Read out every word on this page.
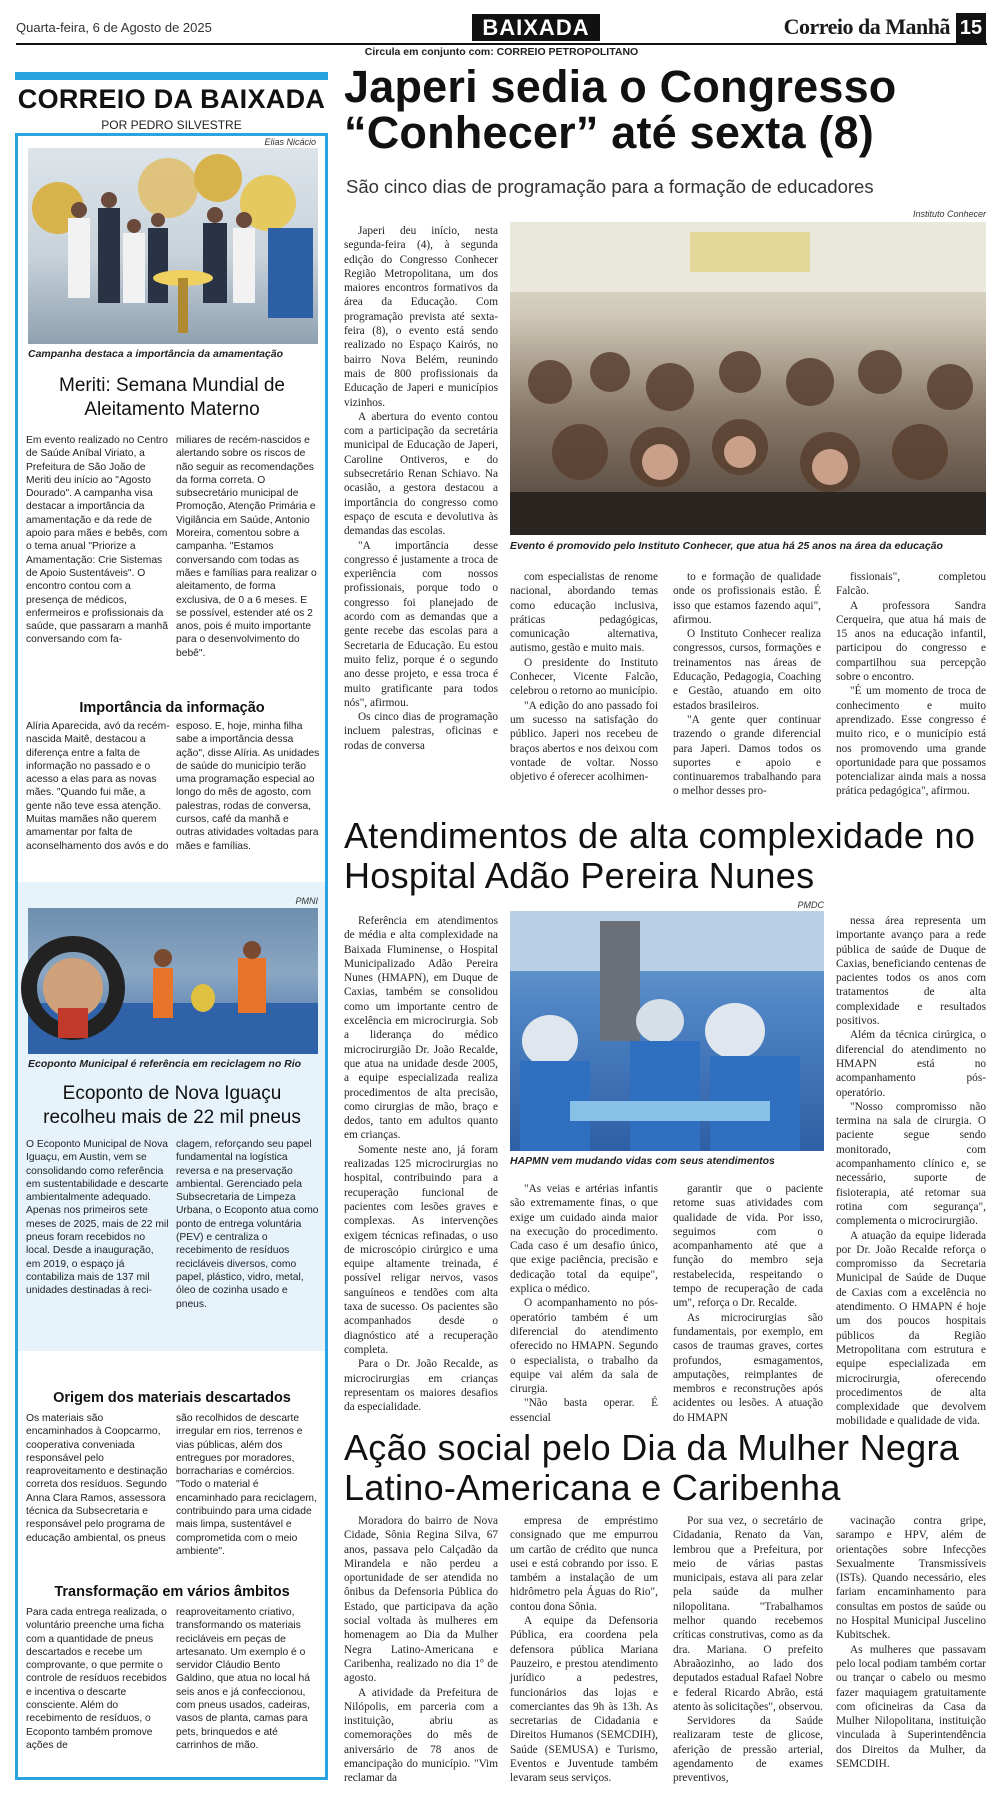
Quarta-feira, 6 de Agosto de 2025	BAIXADA	Correio da Manhã 15
Circula em conjunto com: CORREIO PETROPOLITANO
CORREIO DA BAIXADA
POR PEDRO SILVESTRE
Elias Nicácio
Campanha destaca a importância da amamentação
Meriti: Semana Mundial de Aleitamento Materno
Em evento realizado no Centro de Saúde Aníbal Viriato, a Prefeitura de São João de Meriti deu início ao "Agosto Dourado". A campanha visa destacar a importância da amamentação e da rede de apoio para mães e bebês, com o tema anual "Priorize a Amamentação: Crie Sistemas de Apoio Sustentáveis". O encontro contou com a presença de médicos, enfermeiros e profissionais da saúde, que passaram a manhã conversando com fa-
miliares de recém-nascidos e alertando sobre os riscos de não seguir as recomendações da forma correta. O subsecretário municipal de Promoção, Atenção Primária e Vigilância em Saúde, Antonio Moreira, comentou sobre a campanha. "Estamos conversando com todas as mães e famílias para realizar o aleitamento, de forma exclusiva, de 0 a 6 meses. E se possível, estender até os 2 anos, pois é muito importante para o desenvolvimento do bebê".
Importância da informação
Alíria Aparecida, avó da recém-nascida Maitê, destacou a diferença entre a falta de informação no passado e o acesso a elas para as novas mães. "Quando fui mãe, a gente não teve essa atenção. Muitas mamães não querem amamentar por falta de aconselhamento dos avós e do
esposo. E, hoje, minha filha sabe a importância dessa ação", disse Alíria. As unidades de saúde do município terão uma programação especial ao longo do mês de agosto, com palestras, rodas de conversa, cursos, café da manhã e outras atividades voltadas para mães e famílias.
PMNI
Ecoponto Municipal é referência em reciclagem no Rio
Ecoponto de Nova Iguaçu recolheu mais de 22 mil pneus
O Ecoponto Municipal de Nova Iguaçu, em Austin, vem se consolidando como referência em sustentabilidade e descarte ambientalmente adequado. Apenas nos primeiros sete meses de 2025, mais de 22 mil pneus foram recebidos no local. Desde a inauguração, em 2019, o espaço já contabiliza mais de 137 mil unidades destinadas à reci-
clagem, reforçando seu papel fundamental na logística reversa e na preservação ambiental. Gerenciado pela Subsecretaria de Limpeza Urbana, o Ecoponto atua como ponto de entrega voluntária (PEV) e centraliza o recebimento de resíduos recicláveis diversos, como papel, plástico, vidro, metal, óleo de cozinha usado e pneus.
Origem dos materiais descartados
Os materiais são encaminhados à Coopcarmo, cooperativa conveniada responsável pelo reaproveitamento e destinação correta dos resíduos. Segundo Anna Clara Ramos, assessora técnica da Subsecretaria e responsável pelo programa de educação ambiental, os pneus
são recolhidos de descarte irregular em rios, terrenos e vias públicas, além dos entregues por moradores, borracharias e comércios. "Todo o material é encaminhado para reciclagem, contribuindo para uma cidade mais limpa, sustentável e comprometida com o meio ambiente".
Transformação em vários âmbitos
Para cada entrega realizada, o voluntário preenche uma ficha com a quantidade de pneus descartados e recebe um comprovante, o que permite o controle de resíduos recebidos e incentiva o descarte consciente. Além do recebimento de resíduos, o Ecoponto também promove ações de
reaproveitamento criativo, transformando os materiais recicláveis em peças de artesanato. Um exemplo é o servidor Cláudio Bento Galdino, que atua no local há seis anos e já confeccionou, com pneus usados, cadeiras, vasos de planta, camas para pets, brinquedos e até carrinhos de mão.
Japeri sedia o Congresso “Conhecer” até sexta (8)
São cinco dias de programação para a formação de educadores
Instituto Conhecer
Evento é promovido pelo Instituto Conhecer, que atua há 25 anos na área da educação

Japeri deu início, nesta segunda-feira (4), à segunda edição do Congresso Conhecer Região Metropolitana, um dos maiores encontros formativos da área da Educação. Com programação prevista até sexta-feira (8), o evento está sendo realizado no Espaço Kairós, no bairro Nova Belém, reunindo mais de 800 profissionais da Educação de Japeri e municípios vizinhos.

A abertura do evento contou com a participação da secretária municipal de Educação de Japeri, Caroline Ontiveros, e do subsecretário Renan Schiavo. Na ocasião, a gestora destacou a importância do congresso como espaço de escuta e devolutiva às demandas das escolas.

"A importância desse congresso é justamente a troca de experiência com nossos profissionais, porque todo o congresso foi planejado de acordo com as demandas que a gente recebe das escolas para a Secretaria de Educação. Eu estou muito feliz, porque é o segundo ano desse projeto, e essa troca é muito gratificante para todos nós", afirmou.

Os cinco dias de programação incluem palestras, oficinas e rodas de conversa

com especialistas de renome nacional, abordando temas como educação inclusiva, práticas pedagógicas, comunicação alternativa, autismo, gestão e muito mais.

O presidente do Instituto Conhecer, Vicente Falcão, celebrou o retorno ao município.

"A edição do ano passado foi um sucesso na satisfação do público. Japeri nos recebeu de braços abertos e nos deixou com vontade de voltar. Nosso objetivo é oferecer acolhimen-

to e formação de qualidade onde os profissionais estão. É isso que estamos fazendo aqui", afirmou.

O Instituto Conhecer realiza congressos, cursos, formações e treinamentos nas áreas de Educação, Pedagogia, Coaching e Gestão, atuando em oito estados brasileiros.

"A gente quer continuar trazendo o grande diferencial para Japeri. Damos todos os suportes e apoio e continuaremos trabalhando para o melhor desses pro-

fissionais", completou Falcão.

A professora Sandra Cerqueira, que atua há mais de 15 anos na educação infantil, participou do congresso e compartilhou sua percepção sobre o encontro.

"É um momento de troca de conhecimento e muito aprendizado. Esse congresso é muito rico, e o município está nos promovendo uma grande oportunidade para que possamos potencializar ainda mais a nossa prática pedagógica", afirmou.

Atendimentos de alta complexidade no Hospital Adão Pereira Nunes
PMDC
HAPMN vem mudando vidas com seus atendimentos

Referência em atendimentos de média e alta complexidade na Baixada Fluminense, o Hospital Municipalizado Adão Pereira Nunes (HMAPN), em Duque de Caxias, também se consolidou como um importante centro de excelência em microcirurgia. Sob a liderança do médico microcirurgião Dr. João Recalde, que atua na unidade desde 2005, a equipe especializada realiza procedimentos de alta precisão, como cirurgias de mão, braço e dedos, tanto em adultos quanto em crianças.

Somente neste ano, já foram realizadas 125 microcirurgias no hospital, contribuindo para a recuperação funcional de pacientes com lesões graves e complexas. As intervenções exigem técnicas refinadas, o uso de microscópio cirúrgico e uma equipe altamente treinada, é possível religar nervos, vasos sanguíneos e tendões com alta taxa de sucesso. Os pacientes são acompanhados desde o diagnóstico até a recuperação completa.

Para o Dr. João Recalde, as microcirurgias em crianças representam os maiores desafios da especialidade.

"As veias e artérias infantis são extremamente finas, o que exige um cuidado ainda maior na execução do procedimento. Cada caso é um desafio único, que exige paciência, precisão e dedicação total da equipe", explica o médico.

O acompanhamento no pós-operatório também é um diferencial do atendimento oferecido no HMAPN. Segundo o especialista, o trabalho da equipe vai além da sala de cirurgia.

"Não basta operar. É essencial

garantir que o paciente retome suas atividades com qualidade de vida. Por isso, seguimos com o acompanhamento até que a função do membro seja restabelecida, respeitando o tempo de recuperação de cada um", reforça o Dr. Recalde.

As microcirurgias são fundamentais, por exemplo, em casos de traumas graves, cortes profundos, esmagamentos, amputações, reimplantes de membros e reconstruções após acidentes ou lesões. A atuação do HMAPN

nessa área representa um importante avanço para a rede pública de saúde de Duque de Caxias, beneficiando centenas de pacientes todos os anos com tratamentos de alta complexidade e resultados positivos.

Além da técnica cirúrgica, o diferencial do atendimento no HMAPN está no acompanhamento pós-operatório.

"Nosso compromisso não termina na sala de cirurgia. O paciente segue sendo monitorado, com acompanhamento clínico e, se necessário, suporte de fisioterapia, até retomar sua rotina com segurança", complementa o microcirurgião.

A atuação da equipe liderada por Dr. João Recalde reforça o compromisso da Secretaria Municipal de Saúde de Duque de Caxias com a excelência no atendimento. O HMAPN é hoje um dos poucos hospitais públicos da Região Metropolitana com estrutura e equipe especializada em microcirurgia, oferecendo procedimentos de alta complexidade que devolvem mobilidade e qualidade de vida.

Ação social pelo Dia da Mulher Negra Latino-Americana e Caribenha

Moradora do bairro de Nova Cidade, Sônia Regina Silva, 67 anos, passava pelo Calçadão da Mirandela e não perdeu a oportunidade de ser atendida no ônibus da Defensoria Pública do Estado, que participava da ação social voltada às mulheres em homenagem ao Dia da Mulher Negra Latino-Americana e Caribenha, realizado no dia 1º de agosto.

A atividade da Prefeitura de Nilópolis, em parceria com a instituição, abriu as comemorações do mês de aniversário de 78 anos de emancipação do município. "Vim reclamar da

empresa de empréstimo consignado que me empurrou um cartão de crédito que nunca usei e está cobrando por isso. E também a instalação de um hidrômetro pela Águas do Rio", contou dona Sônia.

A equipe da Defensoria Pública, era coordena pela defensora pública Mariana Pauzeiro, e prestou atendimento jurídico a pedestres, funcionários das lojas e comerciantes das 9h às 13h. As secretarias de Cidadania e Direitos Humanos (SEMCDIH), Saúde (SEMUSA) e Turismo, Eventos e Juventude também levaram seus serviços.

Por sua vez, o secretário de Cidadania, Renato da Van, lembrou que a Prefeitura, por meio de várias pastas municipais, estava ali para zelar pela saúde da mulher nilopolitana. "Trabalhamos melhor quando recebemos críticas construtivas, como as da dra. Mariana. O prefeito Abraãozinho, ao lado dos deputados estadual Rafael Nobre e federal Ricardo Abrão, está atento às solicitações", observou.

Servidores da Saúde realizaram teste de glicose, aferição de pressão arterial, agendamento de exames preventivos,

vacinação contra gripe, sarampo e HPV, além de orientações sobre Infecções Sexualmente Transmissíveis (ISTs). Quando necessário, eles fariam encaminhamento para consultas em postos de saúde ou no Hospital Municipal Juscelino Kubitschek.

As mulheres que passavam pelo local podiam também cortar ou trançar o cabelo ou mesmo fazer maquiagem gratuitamente com oficineiras da Casa da Mulher Nilopolitana, instituição vinculada à Superintendência dos Direitos da Mulher, da SEMCDIH.
